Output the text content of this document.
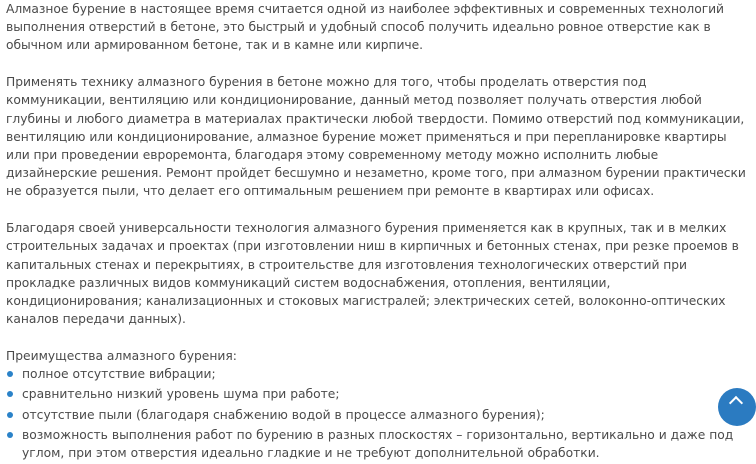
Алмазное бурение в настоящее время считается одной из наиболее эффективных и современных технологий выполнения отверстий в бетоне, это быстрый и удобный способ получить идеально ровное отверстие как в обычном или армированном бетоне, так и в камне или кирпиче.

Применять технику алмазного бурения в бетоне можно для того, чтобы проделать отверстия под коммуникации, вентиляцию или кондиционирование, данный метод позволяет получать отверстия любой глубины и любого диаметра в материалах практически любой твердости. Помимо отверстий под коммуникации, вентиляцию или кондиционирование, алмазное бурение может применяться и при перепланировке квартиры или при проведении евроремонта, благодаря этому современному методу можно исполнить любые дизайнерские решения. Ремонт пройдет бесшумно и незаметно, кроме того, при алмазном бурении практически не образуется пыли, что делает его оптимальным решением при ремонте в квартирах или офисах.

Благодаря своей универсальности технология алмазного бурения применяется как в крупных, так и в мелких строительных задачах и проектах (при изготовлении ниш в кирпичных и бетонных стенах, при резке проемов в капитальных стенах и перекрытиях, в строительстве для изготовления технологических отверстий при прокладке различных видов коммуникаций систем водоснабжения, отопления, вентиляции, кондиционирования; канализационных и стоковых магистралей; электрических сетей, волоконно-оптических каналов передачи данных).

Преимущества алмазного бурения:

полное отсутствие вибрации;
сравнительно низкий уровень шума при работе;
отсутствие пыли (благодаря снабжению водой в процессе алмазного бурения);
возможность выполнения работ по бурению в разных плоскостях – горизонтально, вертикально и даже под углом, при этом отверстия идеально гладкие и не требуют дополнительной обработки.
